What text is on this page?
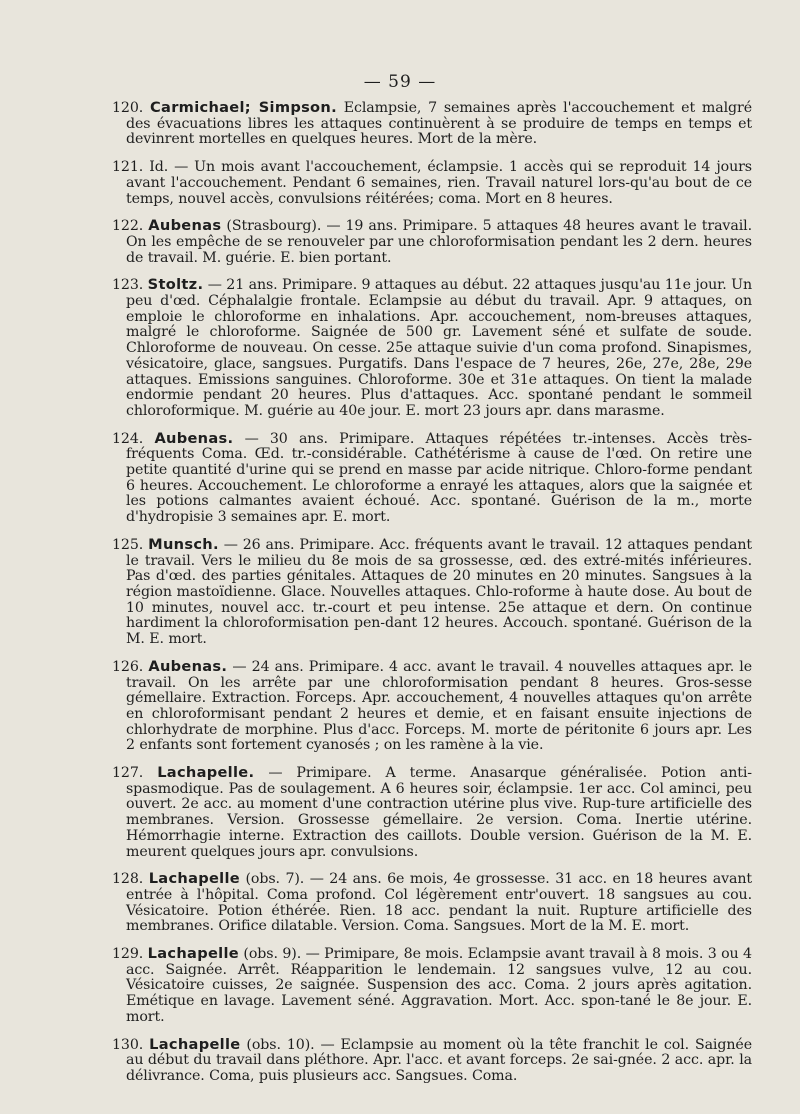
— 59 —

120. Carmichael; Simpson. Eclampsie, 7 semaines après l'accouchement et malgré des évacuations libres les attaques continuèrent à se produire de temps en temps et devinrent mortelles en quelques heures. Mort de la mère.

121. Id. — Un mois avant l'accouchement, éclampsie. 1 accès qui se reproduit 14 jours avant l'accouchement. Pendant 6 semaines, rien. Travail naturel lors-qu'au bout de ce temps, nouvel accès, convulsions réitérées; coma. Mort en 8 heures.

122. Aubenas (Strasbourg). — 19 ans. Primipare. 5 attaques 48 heures avant le travail. On les empêche de se renouveler par une chloroformisation pendant les 2 dern. heures de travail. M. guérie. E. bien portant.

123. Stoltz. — 21 ans. Primipare. 9 attaques au début. 22 attaques jusqu'au 11e jour. Un peu d'œd. Céphalalgie frontale. Eclampsie au début du travail. Apr. 9 attaques, on emploie le chloroforme en inhalations. Apr. accouchement, nom-breuses attaques, malgré le chloroforme. Saignée de 500 gr. Lavement séné et sulfate de soude. Chloroforme de nouveau. On cesse. 25e attaque suivie d'un coma profond. Sinapismes, vésicatoire, glace, sangsues. Purgatifs. Dans l'espace de 7 heures, 26e, 27e, 28e, 29e attaques. Emissions sanguines. Chloroforme. 30e et 31e attaques. On tient la malade endormie pendant 20 heures. Plus d'attaques. Acc. spontané pendant le sommeil chloroformique. M. guérie au 40e jour. E. mort 23 jours apr. dans marasme.

124. Aubenas. — 30 ans. Primipare. Attaques répétées tr.-intenses. Accès très-fréquents Coma. Œd. tr.-considérable. Cathétérisme à cause de l'œd. On retire une petite quantité d'urine qui se prend en masse par acide nitrique. Chloro-forme pendant 6 heures. Accouchement. Le chloroforme a enrayé les attaques, alors que la saignée et les potions calmantes avaient échoué. Acc. spontané. Guérison de la m., morte d'hydropisie 3 semaines apr. E. mort.

125. Munsch. — 26 ans. Primipare. Acc. fréquents avant le travail. 12 attaques pendant le travail. Vers le milieu du 8e mois de sa grossesse, œd. des extré-mités inférieures. Pas d'œd. des parties génitales. Attaques de 20 minutes en 20 minutes. Sangsues à la région mastoïdienne. Glace. Nouvelles attaques. Chlo-roforme à haute dose. Au bout de 10 minutes, nouvel acc. tr.-court et peu intense. 25e attaque et dern. On continue hardiment la chloroformisation pen-dant 12 heures. Accouch. spontané. Guérison de la M. E. mort.

126. Aubenas. — 24 ans. Primipare. 4 acc. avant le travail. 4 nouvelles attaques apr. le travail. On les arrête par une chloroformisation pendant 8 heures. Gros-sesse gémellaire. Extraction. Forceps. Apr. accouchement, 4 nouvelles attaques qu'on arrête en chloroformisant pendant 2 heures et demie, et en faisant ensuite injections de chlorhydrate de morphine. Plus d'acc. Forceps. M. morte de péritonite 6 jours apr. Les 2 enfants sont fortement cyanosés ; on les ramène à la vie.

127. Lachapelle. — Primipare. A terme. Anasarque généralisée. Potion anti-spasmodique. Pas de soulagement. A 6 heures soir, éclampsie. 1er acc. Col aminci, peu ouvert. 2e acc. au moment d'une contraction utérine plus vive. Rup-ture artificielle des membranes. Version. Grossesse gémellaire. 2e version. Coma. Inertie utérine. Hémorrhagie interne. Extraction des caillots. Double version. Guérison de la M. E. meurent quelques jours apr. convulsions.

128. Lachapelle (obs. 7). — 24 ans. 6e mois, 4e grossesse. 31 acc. en 18 heures avant entrée à l'hôpital. Coma profond. Col légèrement entr'ouvert. 18 sangsues au cou. Vésicatoire. Potion éthérée. Rien. 18 acc. pendant la nuit. Rupture artificielle des membranes. Orifice dilatable. Version. Coma. Sangsues. Mort de la M. E. mort.

129. Lachapelle (obs. 9). — Primipare, 8e mois. Eclampsie avant travail à 8 mois. 3 ou 4 acc. Saignée. Arrêt. Réapparition le lendemain. 12 sangsues vulve, 12 au cou. Vésicatoire cuisses, 2e saignée. Suspension des acc. Coma. 2 jours après agitation. Emétique en lavage. Lavement séné. Aggravation. Mort. Acc. spon-tané le 8e jour. E. mort.

130. Lachapelle (obs. 10). — Eclampsie au moment où la tête franchit le col. Saignée au début du travail dans pléthore. Apr. l'acc. et avant forceps. 2e sai-gnée. 2 acc. apr. la délivrance. Coma, puis plusieurs acc. Sangsues. Coma.
